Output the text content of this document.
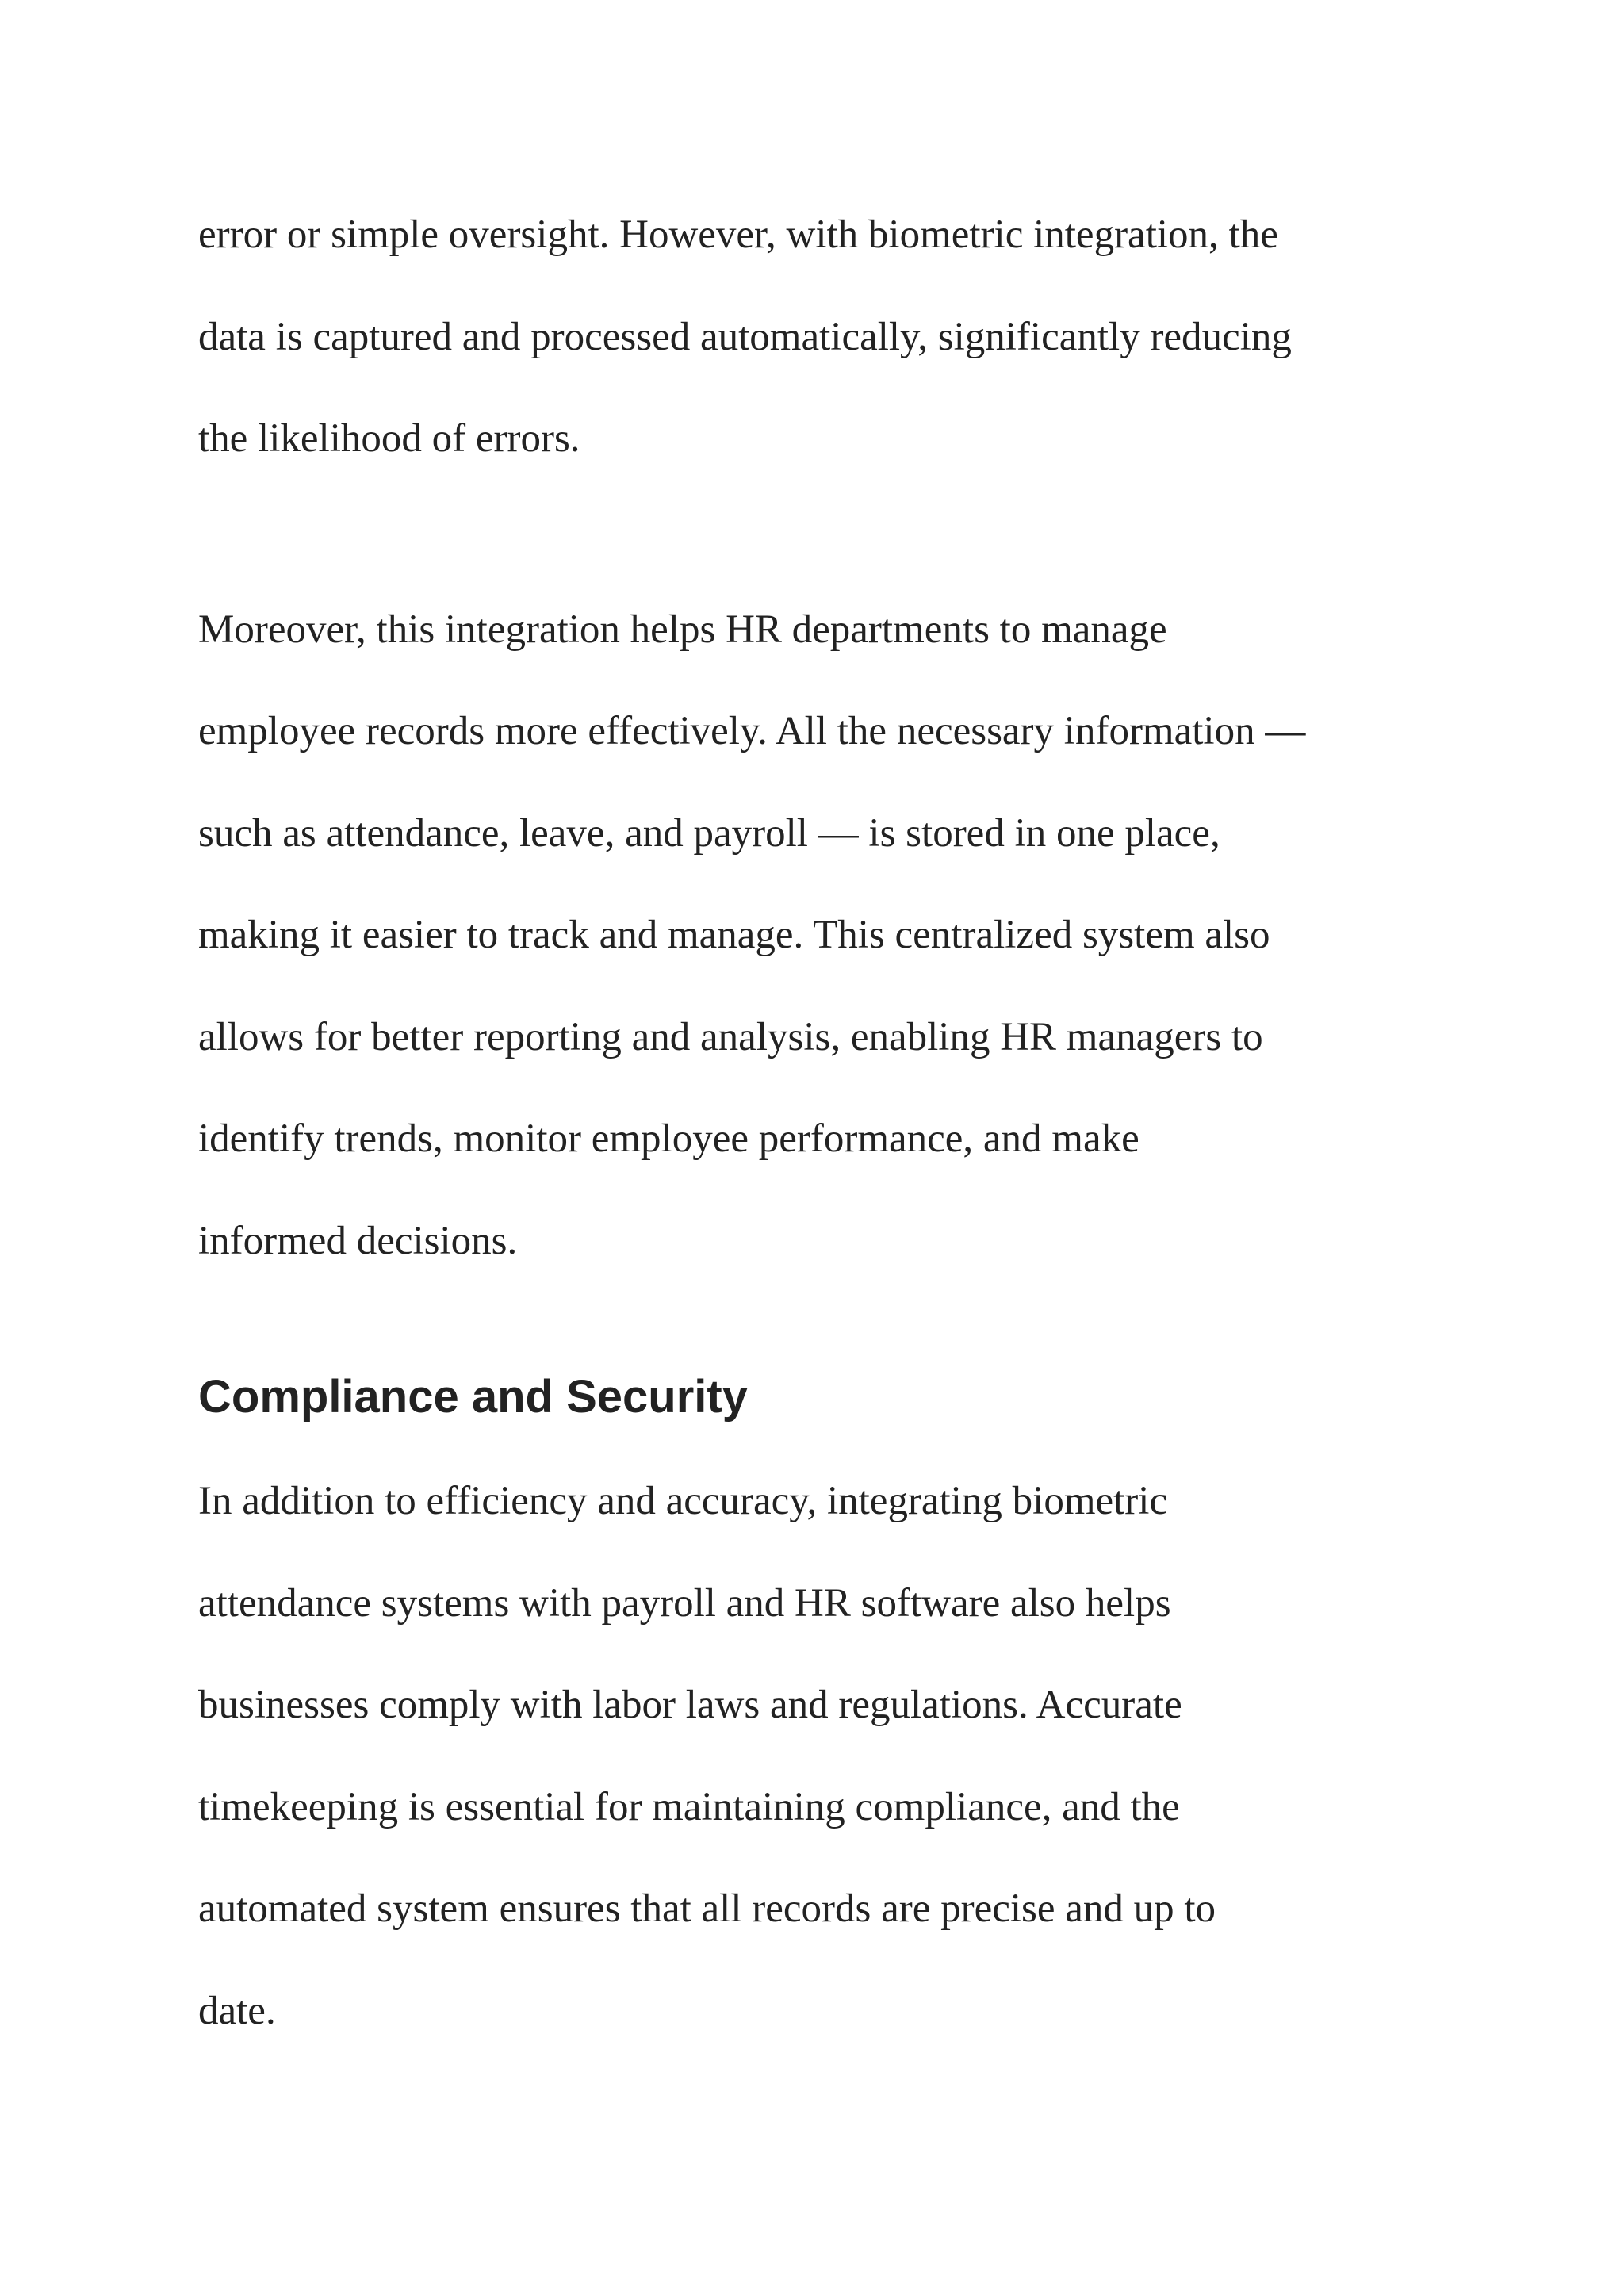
error or simple oversight. However, with biometric integration, the
data is captured and processed automatically, significantly reducing
the likelihood of errors.

Moreover, this integration helps HR departments to manage
employee records more effectively. All the necessary information —
such as attendance, leave, and payroll — is stored in one place,
making it easier to track and manage. This centralized system also
allows for better reporting and analysis, enabling HR managers to
identify trends, monitor employee performance, and make
informed decisions.

Compliance and Security

In addition to efficiency and accuracy, integrating biometric
attendance systems with payroll and HR software also helps
businesses comply with labor laws and regulations. Accurate
timekeeping is essential for maintaining compliance, and the
automated system ensures that all records are precise and up to
date.
